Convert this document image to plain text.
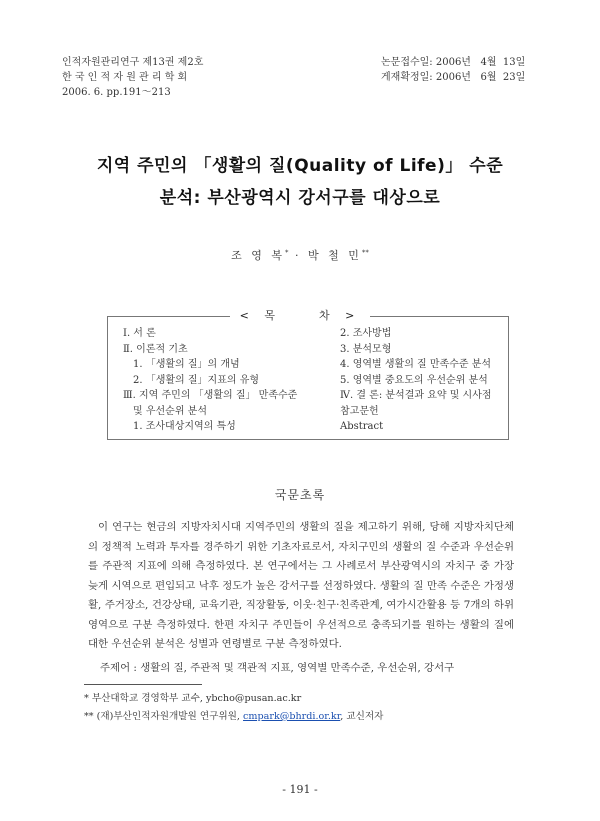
인적자원관리연구 제13권 제2호
한 국 인 적 자 원 관 리 학 회
2006. 6. pp.191～213
논문접수일: 2006년   4월  13일
게재확정일: 2006년   6월  23일
지역 주민의 「생활의 질(Quality of Life)」 수준
분석: 부산광역시 강서구를 대상으로
조 영 복* · 박 철 민**
< 목    차 >
Ⅰ. 서 론
Ⅱ. 이론적 기초
1. 「생활의 질」의 개념
2. 「생활의 질」지표의 유형
Ⅲ. 지역 주민의 「생활의 질」 만족수준
및 우선순위 분석
1. 조사대상지역의 특성
2. 조사방법
3. 분석모형
4. 영역별 생활의 질 만족수준 분석
5. 영역별 중요도의 우선순위 분석
Ⅳ. 결 론: 분석결과 요약 및 시사점
참고문헌
Abstract
국문초록
이 연구는 현금의 지방자치시대 지역주민의 생활의 질을 제고하기 위해, 당해 지방자치단체의 정책적 노력과 투자를 경주하기 위한 기초자료로서, 자치구민의 생활의 질 수준과 우선순위를 주관적 지표에 의해 측정하였다. 본 연구에서는 그 사례로서 부산광역시의 자치구 중 가장 늦게 시역으로 편입되고 낙후 정도가 높은 강서구를 선정하였다. 생활의 질 만족 수준은 가정생활, 주거장소, 건강상태, 교육기관, 직장활동, 이웃·친구·친족관계, 여가시간활용 등 7개의 하위 영역으로 구분 측정하였다. 한편 자치구 주민들이 우선적으로 충족되기를 원하는 생활의 질에 대한 우선순위 분석은 성별과 연령별로 구분 측정하였다.
주제어 : 생활의 질, 주관적 및 객관적 지표, 영역별 만족수준, 우선순위, 강서구
* 부산대학교 경영학부 교수, ybcho@pusan.ac.kr
** (재)부산인적자원개발원 연구위원, cmpark@bhrdi.or.kr, 교신저자
- 191 -
